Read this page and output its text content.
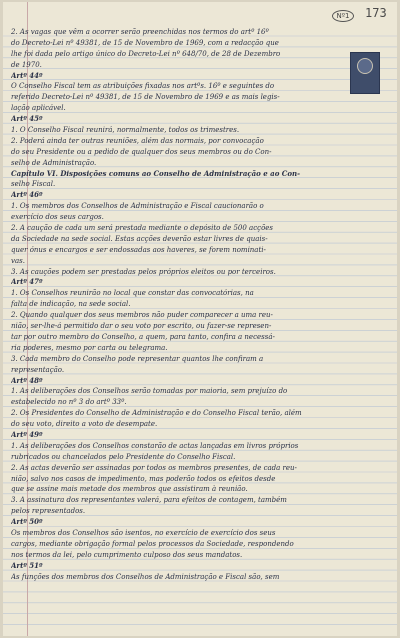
Nº1	173
2. As vagas que vêm a ocorrer serão preenchidas nos termos do artº 16º
do Decreto-Lei nº 49381, de 15 de Novembro de 1969, com a redacção que
lhe foi dada pelo artigo único do Decreto-Lei nº 648/70, de 28 de Dezembro
de 1970.
Artº 44º
O Conselho Fiscal tem as atribuições fixadas nos artºs. 16º e seguintes do
referido Decreto-Lei nº 49381, de 15 de Novembro de 1969 e as mais legis-
lação aplicável.
Artº 45º
1. O Conselho Fiscal reunirá, normalmente, todos os trimestres.
2. Poderá ainda ter outras reuniões, além das normais, por convocação
do seu Presidente ou a pedido de qualquer dos seus membros ou do Con-
selho de Administração.
Capítulo VI. Disposições comuns ao Conselho de Administração e ao Con-
selho Fiscal.
Artº 46º
1. Os membros dos Conselhos de Administração e Fiscal caucionarão o
exercício dos seus cargos.
2. A caução de cada um será prestada mediante o depósito de 500 acções
da Sociedade na sede social. Estas acções deverão estar livres de quais-
quer ónus e encargos e ser endossadas aos haveres, se forem nominati-
vas.
3. As cauções podem ser prestadas pelos próprios eleitos ou por terceiros.
Artº 47º
1. Os Conselhos reunirão no local que constar das convocatórias, na
falta de indicação, na sede social.
2. Quando qualquer dos seus membros não puder comparecer a uma reu-
nião, ser-lhe-á permitido dar o seu voto por escrito, ou fazer-se represen-
tar por outro membro do Conselho, a quem, para tanto, confira a necessá-
ria poderes, mesmo por carta ou telegrama.
3. Cada membro do Conselho pode representar quantos lhe confiram a
representação.
Artº 48º
1. As deliberações dos Conselhos serão tomadas por maioria, sem prejuízo do
estabelecido no nº 3 do artº 33º.
2. Os Presidentes do Conselho de Administração e do Conselho Fiscal terão, além
do seu voto, direito a voto de desempate.
Artº 49º
1. As deliberações dos Conselhos constarão de actas lançadas em livros próprios
rubricados ou chancelados pelo Presidente do Conselho Fiscal.
2. As actas deverão ser assinadas por todos os membros presentes, de cada reu-
nião, salvo nos casos de impedimento, mas poderão todos os efeitos desde
que se assine mais metade dos membros que assistiram à reunião.
3. A assinatura dos representantes valerá, para efeitos de contagem, também
pelos representados.
Artº 50º
Os membros dos Conselhos são isentos, no exercício de exercício dos seus
cargos, mediante obrigação formal pelos processos da Sociedade, respondendo
nos termos da lei, pelo cumprimento culposo dos seus mandatos.
Artº 51º
As funções dos membros dos Conselhos de Administração e Fiscal são, sem
